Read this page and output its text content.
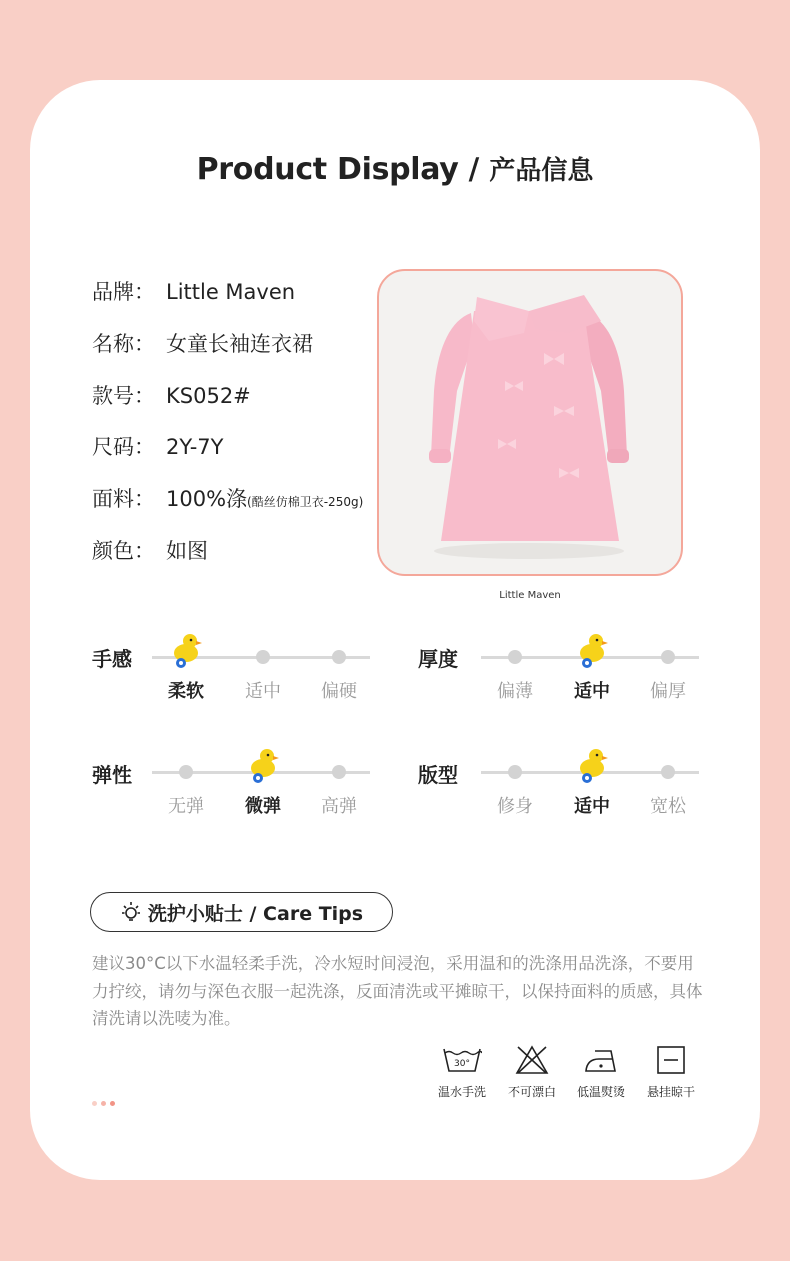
Product Display / 产品信息
品牌： Little Maven
名称： 女童长袖连衣裙
款号： KS052#
尺码： 2Y-7Y
面料： 100%涤(酷丝仿棉卫衣-250g)
颜色： 如图
Little Maven
手感
柔软	适中	偏硬
厚度
偏薄	适中	偏厚
弹性
无弹	微弹	高弹
版型
修身	适中	宽松
洗护小贴士 / Care Tips
建议30°C以下水温轻柔手洗，冷水短时间浸泡，采用温和的洗涤用品洗涤，不要用力拧绞，请勿与深色衣服一起洗涤，反面清洗或平摊晾干，以保持面料的质感，具体清洗请以洗唛为准。
30°
温水手洗	不可漂白	低温熨烫	悬挂晾干
